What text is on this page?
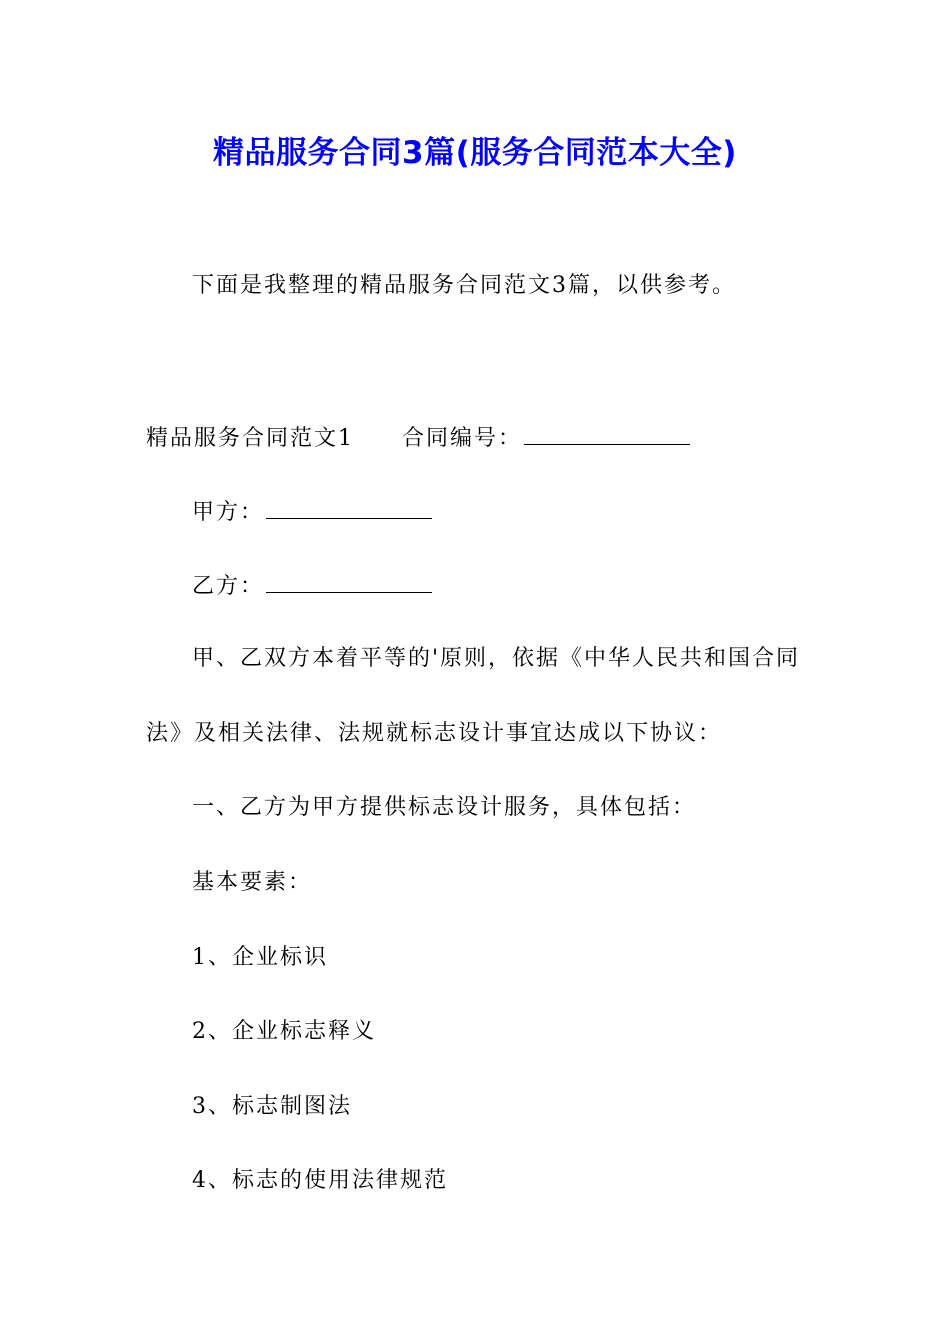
精品服务合同3篇(服务合同范本大全)
下面是我整理的精品服务合同范文3篇，以供参考。
精品服务合同范文1 合同编号：
甲方：
乙方：
甲、乙双方本着平等的'原则，依据《中华人民共和国合同
法》及相关法律、法规就标志设计事宜达成以下协议：
一、乙方为甲方提供标志设计服务，具体包括：
基本要素：
1、企业标识
2、企业标志释义
3、标志制图法
4、标志的使用法律规范
